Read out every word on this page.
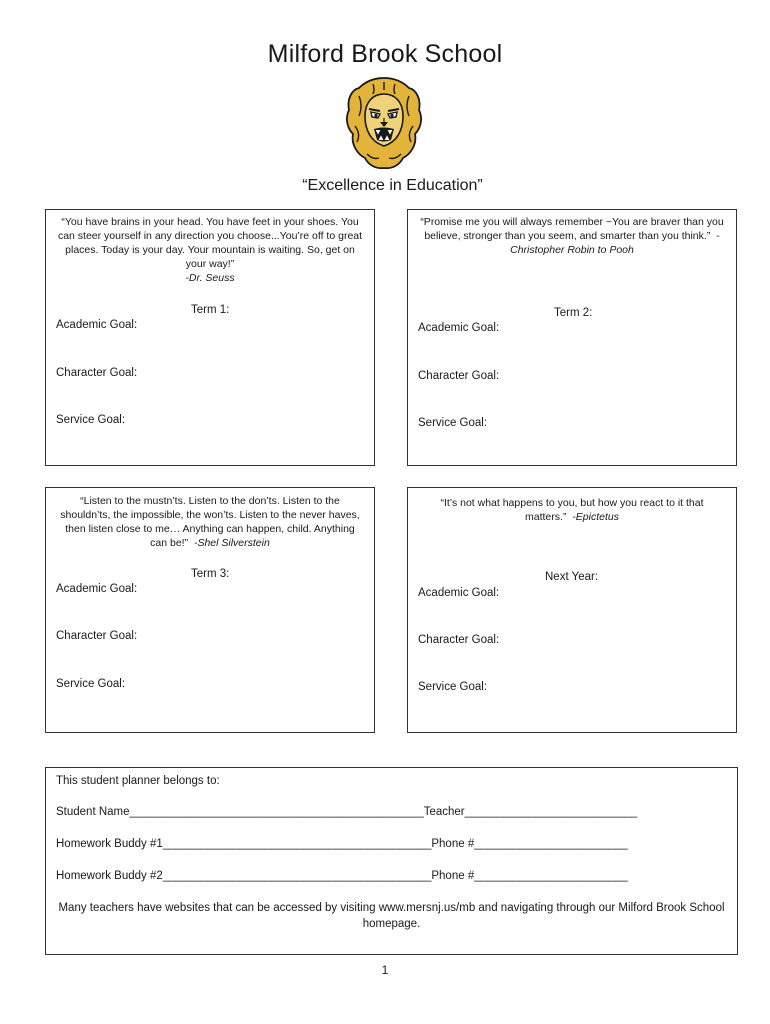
Milford Brook School
“Excellence in Education”
“You have brains in your head. You have feet in your shoes. You can steer yourself in any direction you choose...You’re off to great places. Today is your day. Your mountain is waiting. So, get on your way!”
-Dr. Seuss
Term 1:
Academic Goal:
Character Goal:
Service Goal:
“Promise me you will always remember ~You are braver than you believe, stronger than you seem, and smarter than you think.” -Christopher Robin to Pooh
Term 2:
Academic Goal:
Character Goal:
Service Goal:
“Listen to the mustn’ts. Listen to the don’ts. Listen to the shouldn’ts, the impossible, the won’ts. Listen to the never haves, then listen close to me… Anything can happen, child. Anything can be!” -Shel Silverstein
Term 3:
Academic Goal:
Character Goal:
Service Goal:
“It’s not what happens to you, but how you react to it that matters.” -Epictetus
Next Year:
Academic Goal:
Character Goal:
Service Goal:
This student planner belongs to:
Student Name______________________________________________Teacher___________________________
Homework Buddy #1__________________________________________Phone #________________________
Homework Buddy #2__________________________________________Phone #________________________
Many teachers have websites that can be accessed by visiting www.mersnj.us/mb and navigating through our Milford Brook School homepage.
1
